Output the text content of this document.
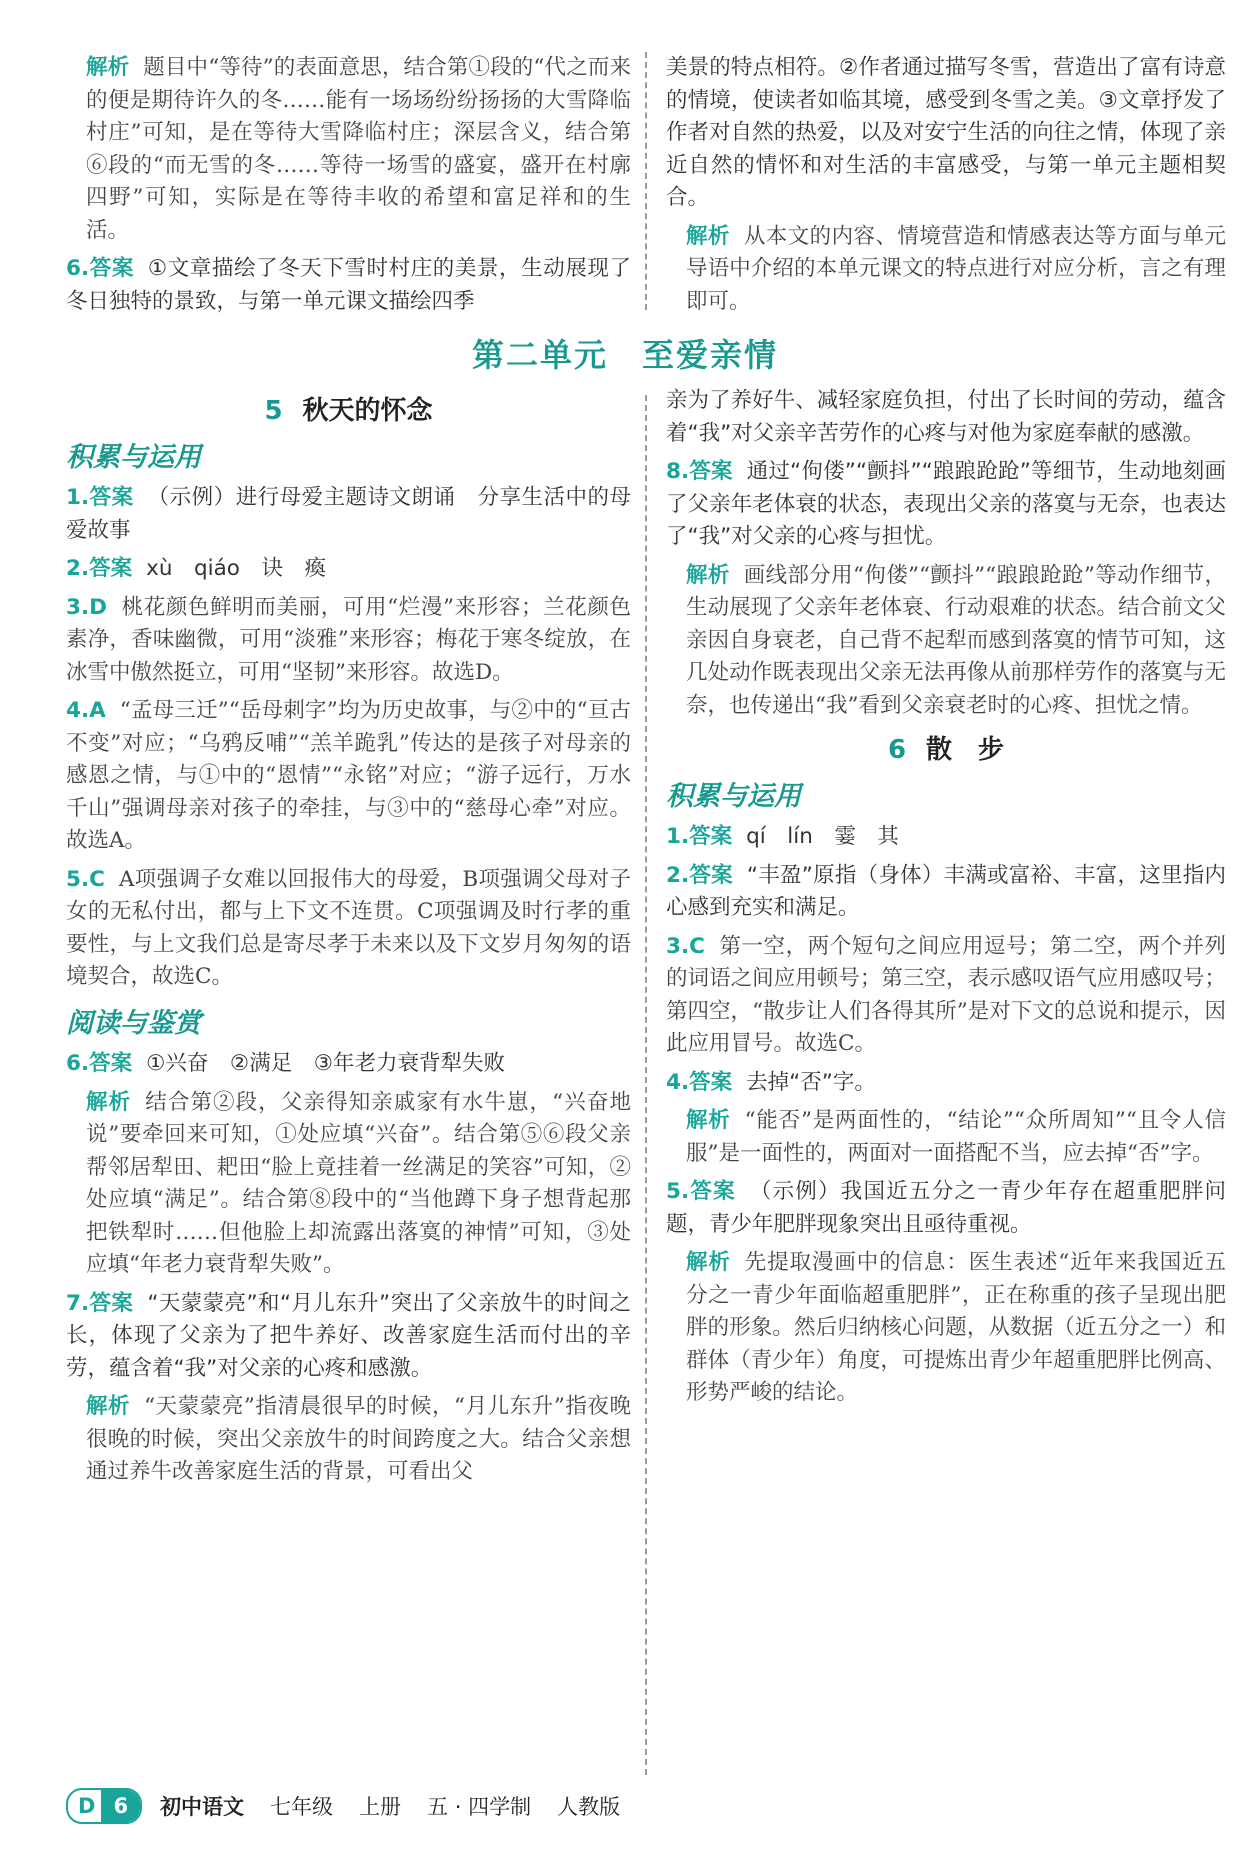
解析 题目中“等待”的表面意思，结合第①段的“代之而来的便是期待许久的冬……能有一场场纷纷扬扬的大雪降临村庄”可知，是在等待大雪降临村庄；深层含义，结合第⑥段的“而无雪的冬……等待一场雪的盛宴，盛开在村廓四野”可知，实际是在等待丰收的希望和富足祥和的生活。

6.答案 ①文章描绘了冬天下雪时村庄的美景，生动展现了冬日独特的景致，与第一单元课文描绘四季

美景的特点相符。②作者通过描写冬雪，营造出了富有诗意的情境，使读者如临其境，感受到冬雪之美。③文章抒发了作者对自然的热爱，以及对安宁生活的向往之情，体现了亲近自然的情怀和对生活的丰富感受，与第一单元主题相契合。

解析 从本文的内容、情境营造和情感表达等方面与单元导语中介绍的本单元课文的特点进行对应分析，言之有理即可。

第二单元　至爱亲情
5 秋天的怀念
积累与运用

1.答案 （示例）进行母爱主题诗文朗诵　分享生活中的母爱故事

2.答案 xù　qiáo　诀　瘓

3.D 桃花颜色鲜明而美丽，可用“烂漫”来形容；兰花颜色素净，香味幽微，可用“淡雅”来形容；梅花于寒冬绽放，在冰雪中傲然挺立，可用“坚韧”来形容。故选D。

4.A “孟母三迁”“岳母刺字”均为历史故事，与②中的“亘古不变”对应；“乌鸦反哺”“羔羊跪乳”传达的是孩子对母亲的感恩之情，与①中的“恩情”“永铭”对应；“游子远行，万水千山”强调母亲对孩子的牵挂，与③中的“慈母心牵”对应。故选A。

5.C A项强调子女难以回报伟大的母爱，B项强调父母对子女的无私付出，都与上下文不连贯。C项强调及时行孝的重要性，与上文我们总是寄尽孝于未来以及下文岁月匆匆的语境契合，故选C。

阅读与鉴赏

6.答案 ①兴奋　②满足　③年老力衰背犁失败

解析 结合第②段，父亲得知亲戚家有水牛崽，“兴奋地说”要牵回来可知，①处应填“兴奋”。结合第⑤⑥段父亲帮邻居犁田、耙田“脸上竟挂着一丝满足的笑容”可知，②处应填“满足”。结合第⑧段中的“当他蹲下身子想背起那把铁犁时……但他脸上却流露出落寞的神情”可知，③处应填“年老力衰背犁失败”。

7.答案 “天蒙蒙亮”和“月儿东升”突出了父亲放牛的时间之长，体现了父亲为了把牛养好、改善家庭生活而付出的辛劳，蕴含着“我”对父亲的心疼和感激。

解析 “天蒙蒙亮”指清晨很早的时候，“月儿东升”指夜晚很晚的时候，突出父亲放牛的时间跨度之大。结合父亲想通过养牛改善家庭生活的背景，可看出父

亲为了养好牛、减轻家庭负担，付出了长时间的劳动，蕴含着“我”对父亲辛苦劳作的心疼与对他为家庭奉献的感激。

8.答案 通过“佝偻”“颤抖”“踉踉跄跄”等细节，生动地刻画了父亲年老体衰的状态，表现出父亲的落寞与无奈，也表达了“我”对父亲的心疼与担忧。

解析 画线部分用“佝偻”“颤抖”“踉踉跄跄”等动作细节，生动展现了父亲年老体衰、行动艰难的状态。结合前文父亲因自身衰老，自己背不起犁而感到落寞的情节可知，这几处动作既表现出父亲无法再像从前那样劳作的落寞与无奈，也传递出“我”看到父亲衰老时的心疼、担忧之情。

6 散　步
积累与运用

1.答案 qí　lín　霎　其

2.答案 “丰盈”原指（身体）丰满或富裕、丰富，这里指内心感到充实和满足。

3.C 第一空，两个短句之间应用逗号；第二空，两个并列的词语之间应用顿号；第三空，表示感叹语气应用感叹号；第四空，“散步让人们各得其所”是对下文的总说和提示，因此应用冒号。故选C。

4.答案 去掉“否”字。

解析 “能否”是两面性的，“结论”“众所周知”“且令人信服”是一面性的，两面对一面搭配不当，应去掉“否”字。

5.答案 （示例）我国近五分之一青少年存在超重肥胖问题，青少年肥胖现象突出且亟待重视。

解析 先提取漫画中的信息：医生表述“近年来我国近五分之一青少年面临超重肥胖”，正在称重的孩子呈现出肥胖的形象。然后归纳核心问题，从数据（近五分之一）和群体（青少年）角度，可提炼出青少年超重肥胖比例高、形势严峻的结论。

D 6	初中语文 七年级 上册 五 · 四学制 人教版
